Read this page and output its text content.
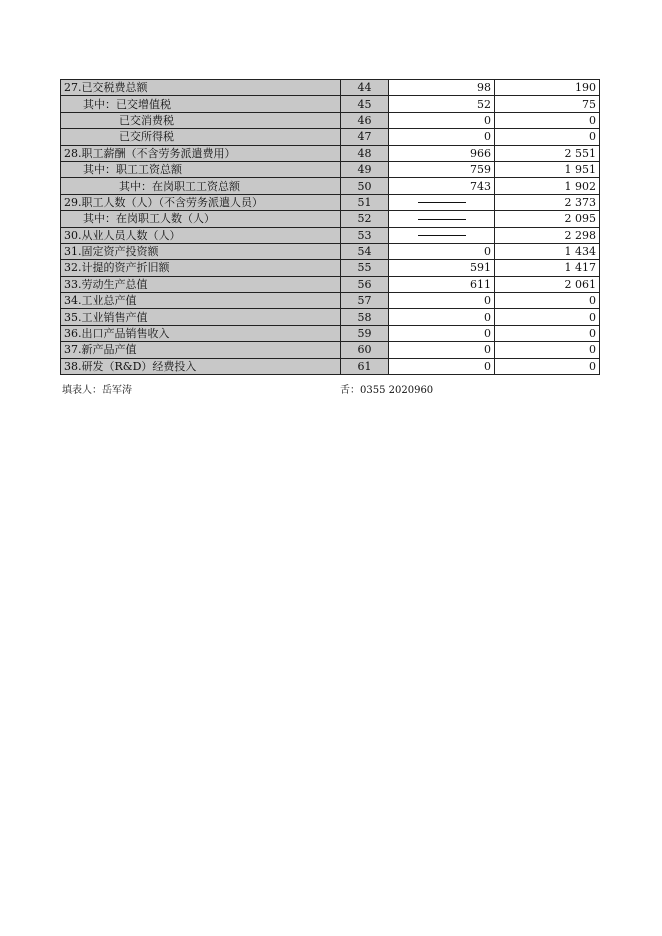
27.已交税费总额	44	98	190
其中：已交增值税	45	52	75
已交消费税	46	0	0
已交所得税	47	0	0
28.职工薪酬（不含劳务派遣费用）	48	966	2 551
其中：职工工资总额	49	759	1 951
其中：在岗职工工资总额	50	743	1 902
29.职工人数（人）（不含劳务派遣人员）	51		2 373
其中：在岗职工人数（人）	52		2 095
30.从业人员人数（人）	53		2 298
31.固定资产投资额	54	0	1 434
32.计提的资产折旧额	55	591	1 417
33.劳动生产总值	56	611	2 061
34.工业总产值	57	0	0
35.工业销售产值	58	0	0
36.出口产品销售收入	59	0	0
37.新产品产值	60	0	0
38.研发（R&D）经费投入	61	0	0
填表人：岳军涛	舌：0355 2020960
